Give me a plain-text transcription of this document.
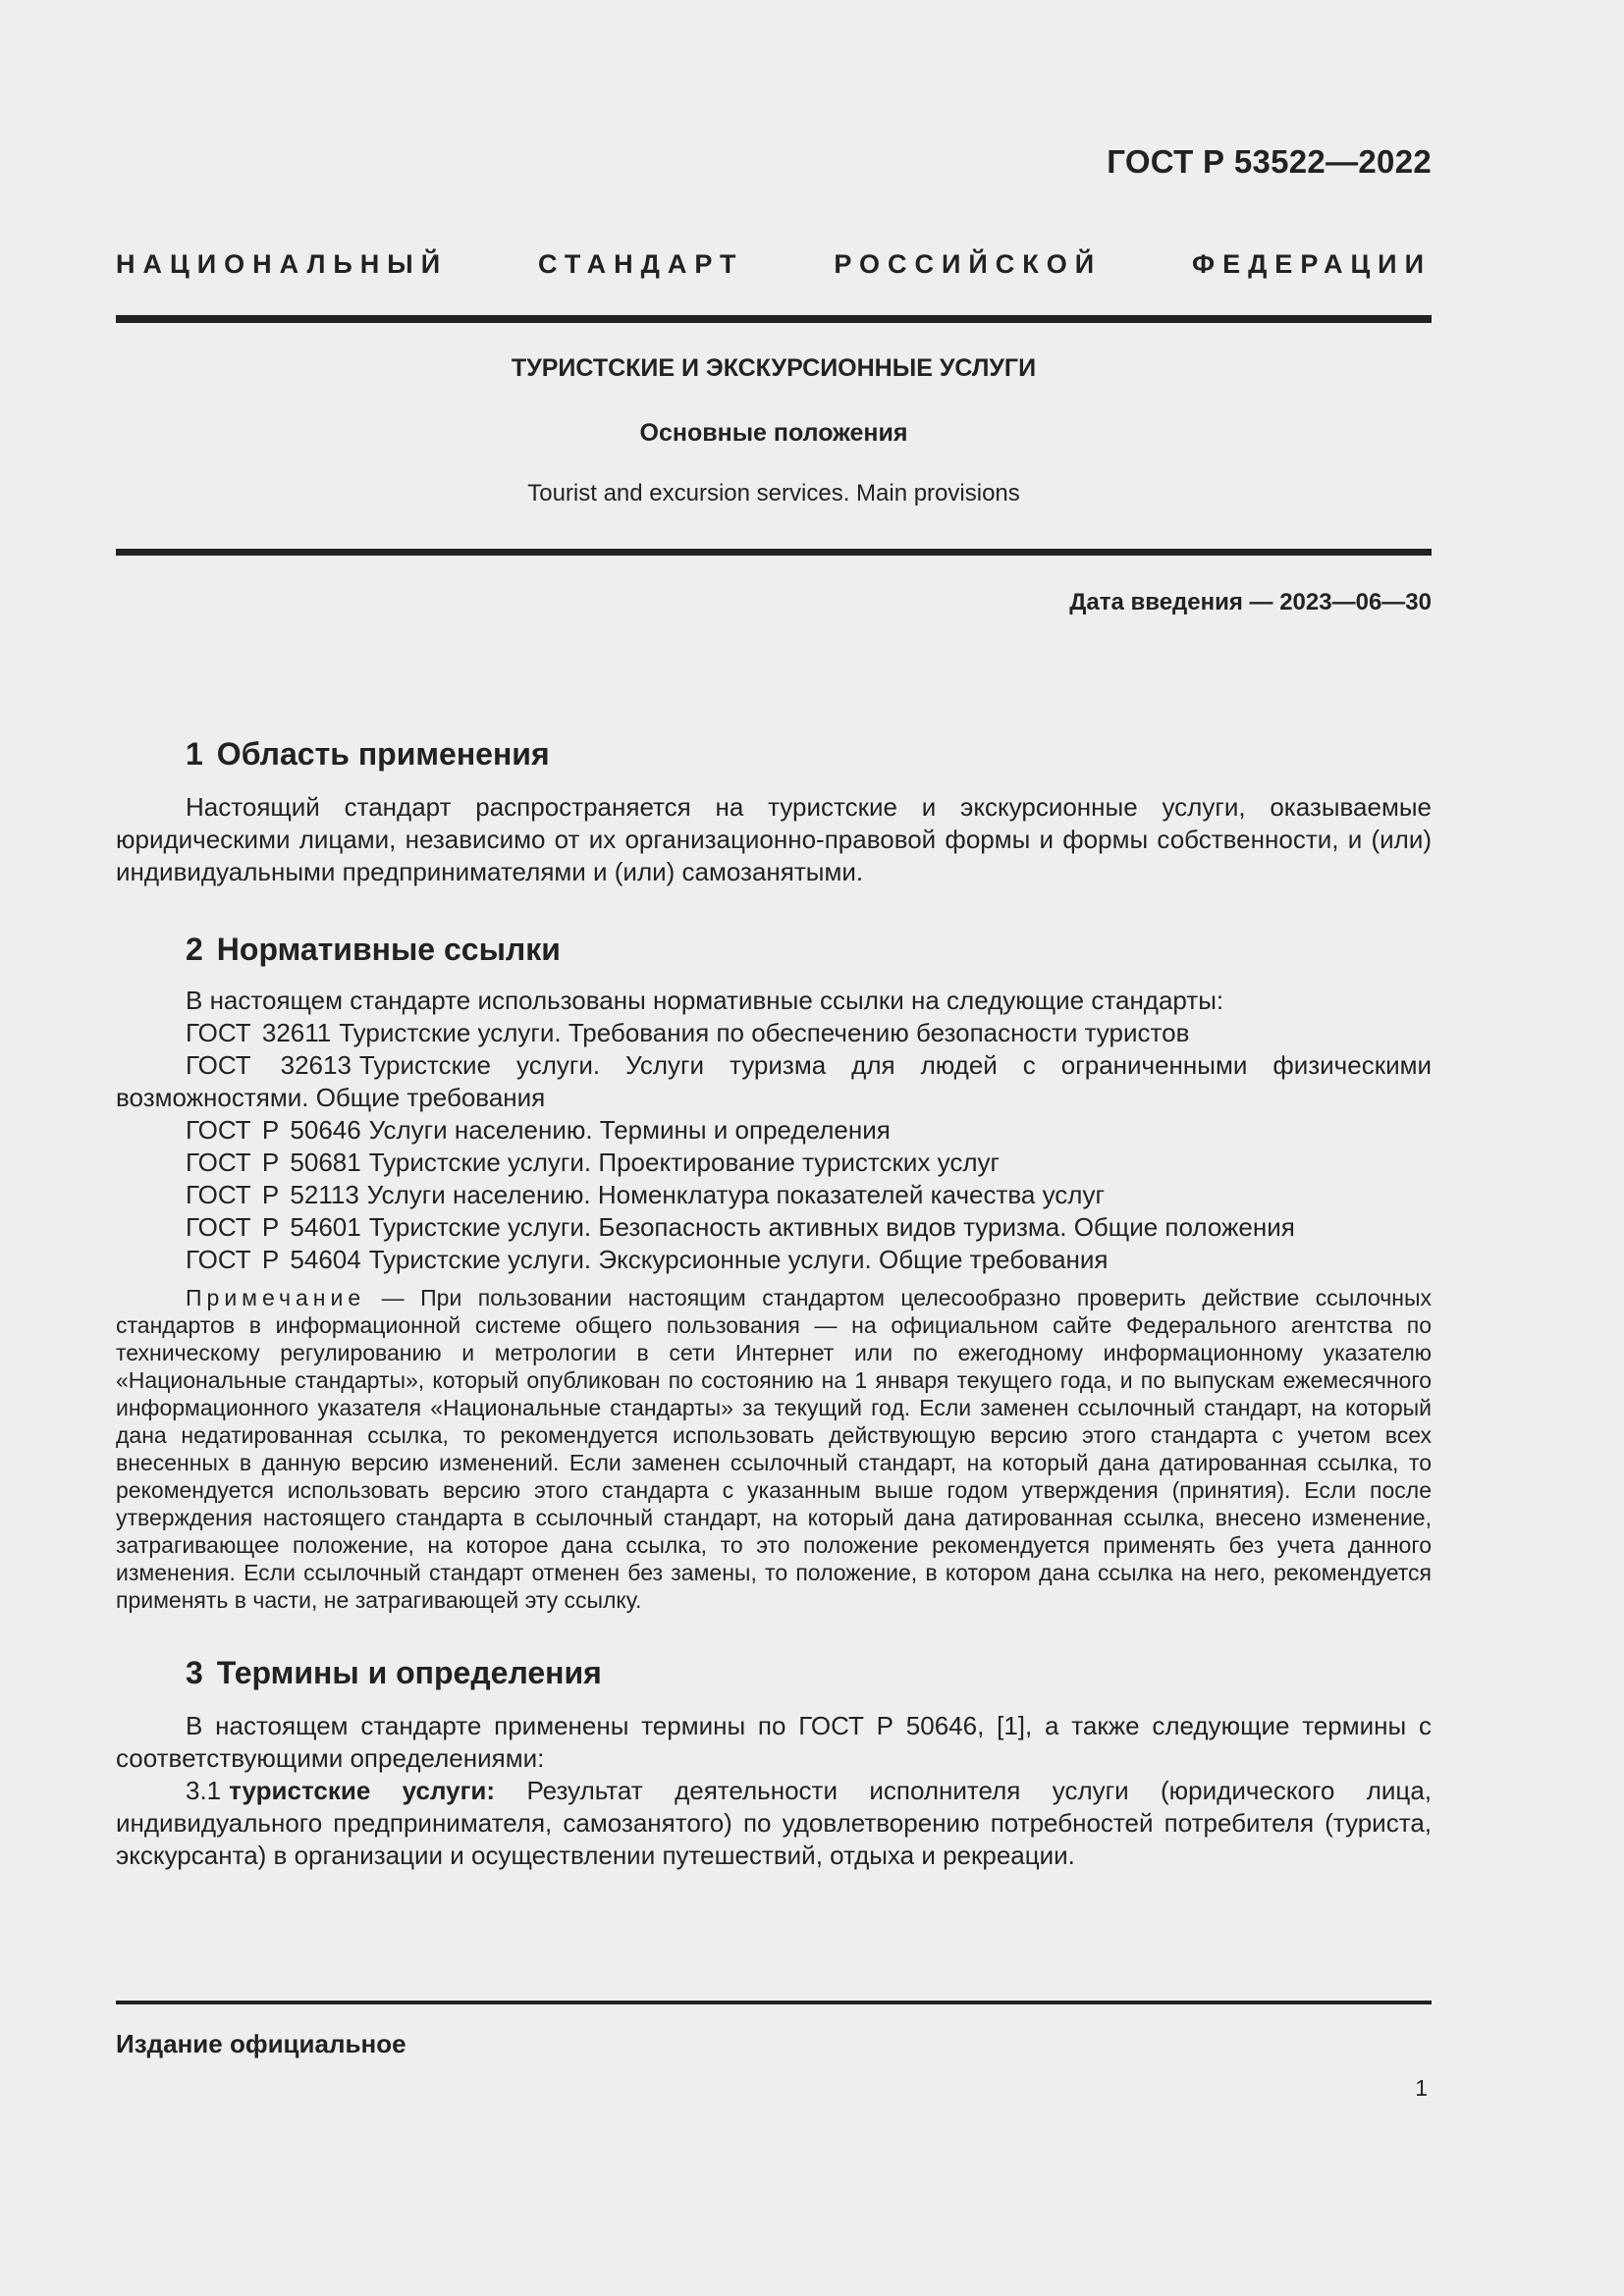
ГОСТ Р 53522—2022
НАЦИОНАЛЬНЫЙ СТАНДАРТ РОССИЙСКОЙ ФЕДЕРАЦИИ
ТУРИСТСКИЕ И ЭКСКУРСИОННЫЕ УСЛУГИ
Основные положения
Tourist and excursion services. Main provisions
Дата введения — 2023—06—30
1 Область применения

Настоящий стандарт распространяется на туристские и экскурсионные услуги, оказываемые юридическими лицами, независимо от их организационно-правовой формы и формы собственности, и (или) индивидуальными предпринимателями и (или) самозанятыми.

2 Нормативные ссылки

В настоящем стандарте использованы нормативные ссылки на следующие стандарты:

ГОСТ 32611 Туристские услуги. Требования по обеспечению безопасности туристов
ГОСТ 32613 Туристские услуги. Услуги туризма для людей с ограниченными физическими возможностями. Общие требования
ГОСТ Р 50646 Услуги населению. Термины и определения
ГОСТ Р 50681 Туристские услуги. Проектирование туристских услуг
ГОСТ Р 52113 Услуги населению. Номенклатура показателей качества услуг
ГОСТ Р 54601 Туристские услуги. Безопасность активных видов туризма. Общие положения
ГОСТ Р 54604 Туристские услуги. Экскурсионные услуги. Общие требования

Примечание — При пользовании настоящим стандартом целесообразно проверить действие ссылочных стандартов в информационной системе общего пользования — на официальном сайте Федерального агентства по техническому регулированию и метрологии в сети Интернет или по ежегодному информационному указателю «Национальные стандарты», который опубликован по состоянию на 1 января текущего года, и по выпускам ежемесячного информационного указателя «Национальные стандарты» за текущий год. Если заменен ссылочный стандарт, на который дана недатированная ссылка, то рекомендуется использовать действующую версию этого стандарта с учетом всех внесенных в данную версию изменений. Если заменен ссылочный стандарт, на который дана датированная ссылка, то рекомендуется использовать версию этого стандарта с указанным выше годом утверждения (принятия). Если после утверждения настоящего стандарта в ссылочный стандарт, на который дана датированная ссылка, внесено изменение, затрагивающее положение, на которое дана ссылка, то это положение рекомендуется применять без учета данного изменения. Если ссылочный стандарт отменен без замены, то положение, в котором дана ссылка на него, рекомендуется применять в части, не затрагивающей эту ссылку.

3 Термины и определения

В настоящем стандарте применены термины по ГОСТ Р 50646, [1], а также следующие термины с соответствующими определениями:

3.1 туристские услуги: Результат деятельности исполнителя услуги (юридического лица, индивидуального предпринимателя, самозанятого) по удовлетворению потребностей потребителя (туриста, экскурсанта) в организации и осуществлении путешествий, отдыха и рекреации.

Издание официальное
1
